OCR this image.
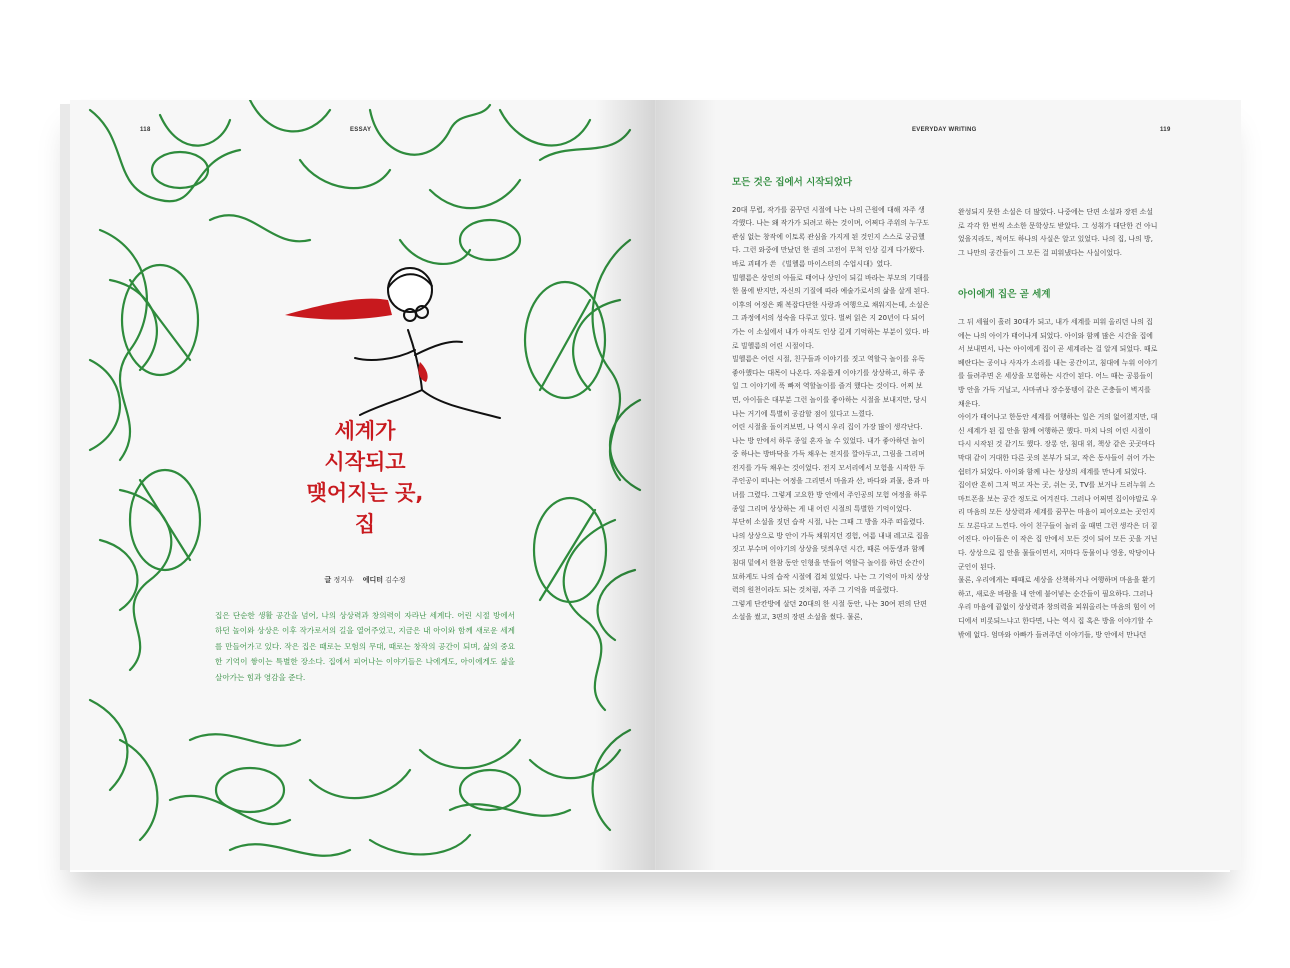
118	ESSAY
세계가
시작되고
맺어지는 곳,
집
글 정지우 에디터 김수정
집은 단순한 생활 공간을 넘어, 나의 상상력과 창의력이 자라난 세계다. 어린 시절 방에서 하던 놀이와 상상은 이후 작가로서의 길을 열어주었고, 지금은 내 아이와 함께 새로운 세계를 만들어가고 있다. 작은 집은 때로는 모험의 무대, 때로는 창작의 공간이 되며, 삶의 중요한 기억이 쌓이는 특별한 장소다. 집에서 피어나는 이야기들은 나에게도, 아이에게도 삶을 살아가는 힘과 영감을 준다.
EVERYDAY WRITING	119
모든 것은 집에서 시작되었다

20대 무렵, 작가를 꿈꾸던 시절에 나는 나의 근원에 대해 자주 생각했다. 나는 왜 작가가 되려고 하는 것이며, 어쩌다 주위의 누구도 관심 없는 창작에 이토록 관심을 가지게 된 것인지 스스로 궁금했다. 그런 와중에 만났던 한 권의 고전이 무척 인상 깊게 다가왔다. 바로 괴테가 쓴 《빌헬름 마이스터의 수업시대》였다.

빌헬름은 상인의 아들로 태어나 상인이 되길 바라는 부모의 기대를 한 몸에 받지만, 자신의 기질에 따라 예술가로서의 삶을 살게 된다. 이후의 여정은 꽤 복잡다단한 사랑과 여행으로 채워지는데, 소설은 그 과정에서의 성숙을 다루고 있다. 벌써 읽은 지 20년이 다 되어가는 이 소설에서 내가 아직도 인상 깊게 기억하는 부분이 있다. 바로 빌헬름의 어린 시절이다.

빌헬름은 어린 시절, 친구들과 이야기를 짓고 역할극 놀이를 유독 좋아했다는 대목이 나온다. 자유롭게 이야기를 상상하고, 하루 종일 그 이야기에 푹 빠져 역할놀이를 즐겨 했다는 것이다. 어찌 보면, 아이들은 대부분 그런 놀이를 좋아하는 시절을 보내지만, 당시 나는 거기에 특별히 공감할 점이 있다고 느꼈다.

어린 시절을 돌이켜보면, 나 역시 우리 집이 가장 많이 생각난다. 나는 방 안에서 하루 종일 혼자 놀 수 있었다. 내가 좋아하던 놀이 중 하나는 방바닥을 가득 채우는 전지를 깔아두고, 그림을 그리며 전지를 가득 채우는 것이었다. 전지 모서리에서 모험을 시작한 두 주인공이 떠나는 여정을 그리면서 마을과 산, 바다와 괴물, 용과 마녀를 그렸다. 그렇게 고요한 방 안에서 주인공의 모험 여정을 하루 종일 그리며 상상하는 게 내 어린 시절의 특별한 기억이었다.

부단히 소설을 짓던 습작 시절, 나는 그때 그 방을 자주 떠올렸다. 나의 상상으로 방 안이 가득 채워지던 경험, 여름 내내 레고로 집을 짓고 부수며 이야기의 상상을 덧씌우던 시간, 때론 여동생과 함께 침대 밑에서 한참 동안 인형을 만들어 역할극 놀이를 하던 순간이 묘하게도 나의 습작 시절에 겹쳐 있었다. 나는 그 기억이 마치 상상력의 원천이라도 되는 것처럼, 자주 그 기억을 떠올렸다.

그렇게 단칸방에 살던 20대의 한 시절 동안, 나는 30여 편의 단편 소설을 썼고, 3편의 장편 소설을 썼다. 물론,

완성되지 못한 소설은 더 많았다. 나중에는 단편 소설과 장편 소설로 각각 한 번씩 소소한 문학상도 받았다. 그 성취가 대단한 건 아니었을지라도, 적어도 하나의 사실은 알고 있었다. 나의 집, 나의 방, 그 나만의 공간들이 그 모든 걸 피워냈다는 사실이었다.

아이에게 집은 곧 세계

그 뒤 세월이 흘러 30대가 되고, 내가 세계를 피워 올리던 나의 집에는 나의 아이가 태어나게 되었다. 아이와 함께 많은 시간을 집에서 보내면서, 나는 아이에게 집이 곧 세계라는 걸 알게 되었다. 때로 베란다는 공이나 사자가 소리를 내는 공간이고, 침대에 누워 이야기를 들려주면 온 세상을 모험하는 시간이 된다. 어느 때는 공룡들이 방 안을 가득 거닐고, 사마귀나 장수풍뎅이 같은 곤충들이 벽지를 채운다.

아이가 태어나고 한동안 세계를 여행하는 일은 거의 없어졌지만, 대신 세계가 된 집 안을 함께 여행하곤 했다. 마치 나의 어린 시절이 다시 시작된 것 같기도 했다. 장롱 안, 침대 위, 책상 같은 곳곳마다 막대 같이 거대한 다른 곳의 본부가 되고, 작은 동사들이 쉬어 가는 쉼터가 되었다. 아이와 함께 나는 상상의 세계를 만나게 되었다.

집이란 흔히 그저 먹고 자는 곳, 쉬는 곳, TV를 보거나 드러누워 스마트폰을 보는 공간 정도로 여겨진다. 그러나 어쩌면 집이야말로 우리 마음의 모든 상상력과 세계를 꿈꾸는 마음이 피어오르는 곳인지도 모른다고 느낀다. 아이 친구들이 놀러 올 때면 그런 생각은 더 짙어진다. 아이들은 이 작은 집 안에서 모든 것이 되어 모든 곳을 거닌다. 상상으로 집 안을 물들이면서, 저마다 동물이나 영웅, 악당이나 군인이 된다.

물론, 우리에게는 때때로 세상을 산책하거나 여행하며 마음을 환기하고, 새로운 바람을 내 안에 불어넣는 순간들이 필요하다. 그러나 우리 마음에 끝없이 상상력과 창의력을 피워올리는 마음의 힘이 어디에서 비롯되느냐고 한다면, 나는 역시 집 혹은 방을 이야기할 수밖에 없다. 엄마와 아빠가 들려주던 이야기들, 방 안에서 만나던
